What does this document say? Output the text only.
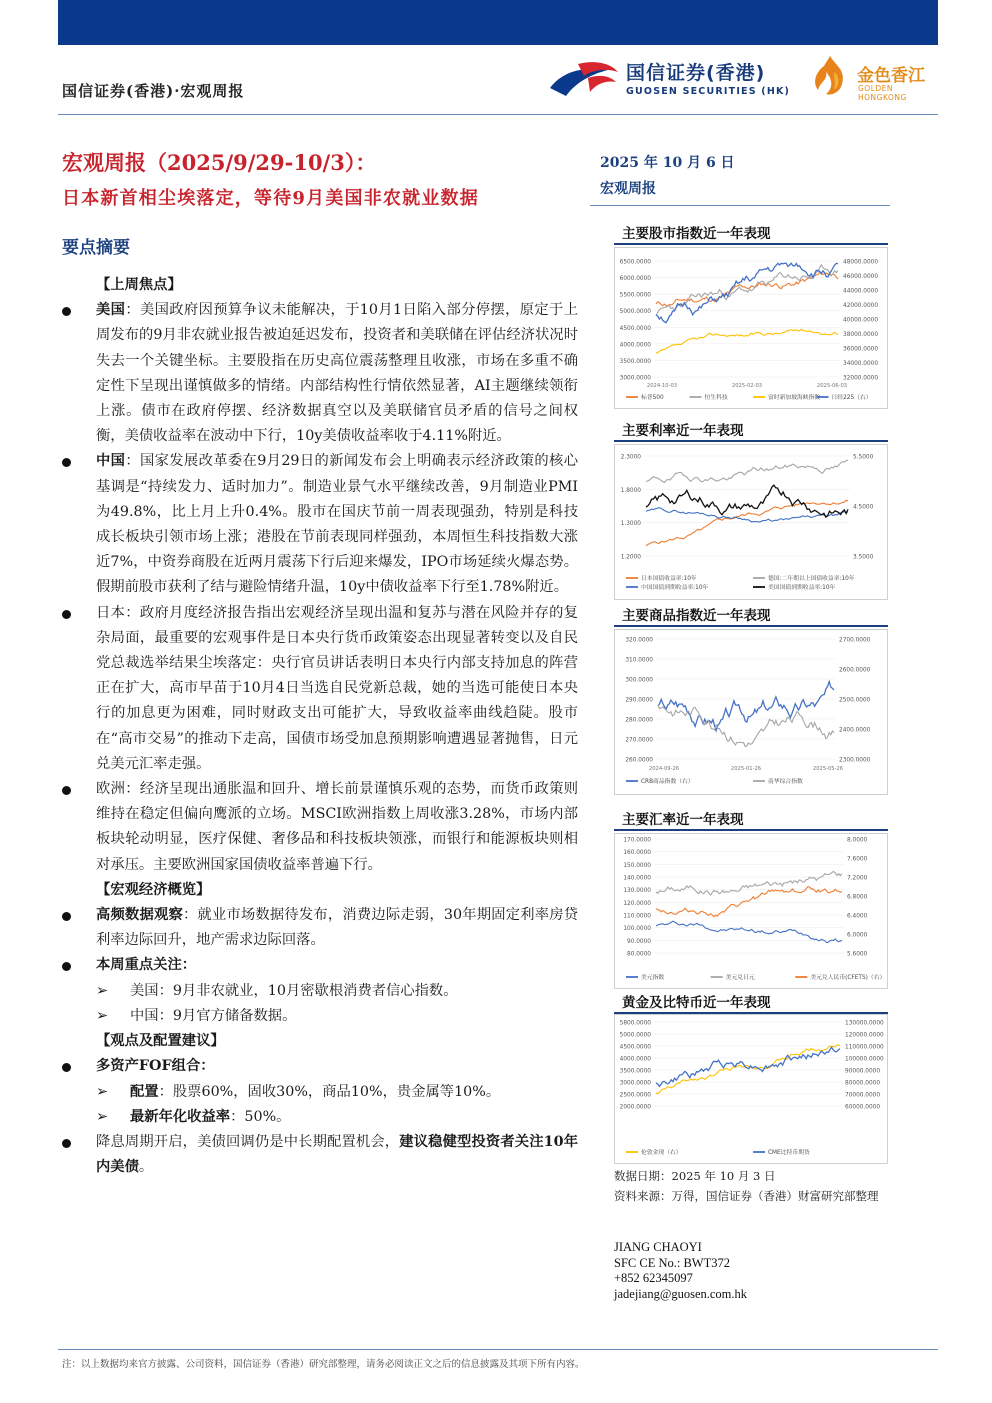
国信证券(香港)·宏观周报
国信证券(香港)
GUOSEN SECURITIES (HK)
金色香江
GOLDEN HONGKONG
宏观周报（2025/9/29-10/3）：
日本新首相尘埃落定，等待9月美国非农就业数据
2025 年 10 月 6 日
宏观周报
要点摘要

【上周焦点】

美国：美国政府因预算争议未能解决，于10月1日陷入部分停摆，原定于上周发布的9月非农就业报告被迫延迟发布，投资者和美联储在评估经济状况时失去一个关键坐标。主要股指在历史高位震荡整理且收涨，市场在多重不确定性下呈现出谨慎做多的情绪。内部结构性行情依然显著，AI主题继续领衔上涨。债市在政府停摆、经济数据真空以及美联储官员矛盾的信号之间权衡，美债收益率在波动中下行，10y美债收益率收于4.11%附近。

中国：国家发展改革委在9月29日的新闻发布会上明确表示经济政策的核心基调是“持续发力、适时加力”。制造业景气水平继续改善，9月制造业PMI为49.8%，比上月上升0.4%。股市在国庆节前一周表现强劲，特别是科技成长板块引领市场上涨；港股在节前表现同样强劲，本周恒生科技指数大涨近7%，中资券商股在近两月震荡下行后迎来爆发，IPO市场延续火爆态势。假期前股市获利了结与避险情绪升温，10y中债收益率下行至1.78%附近。

日本：政府月度经济报告指出宏观经济呈现出温和复苏与潜在风险并存的复杂局面，最重要的宏观事件是日本央行货币政策姿态出现显著转变以及自民党总裁选举结果尘埃落定：央行官员讲话表明日本央行内部支持加息的阵营正在扩大，高市早苗于10月4日当选自民党新总裁，她的当选可能使日本央行的加息更为困难，同时财政支出可能扩大，导致收益率曲线趋陡。股市在“高市交易”的推动下走高，国债市场受加息预期影响遭遇显著抛售，日元兑美元汇率走强。

欧洲：经济呈现出通胀温和回升、增长前景谨慎乐观的态势，而货币政策则维持在稳定但偏向鹰派的立场。MSCI欧洲指数上周收涨3.28%，市场内部板块轮动明显，医疗保健、奢侈品和科技板块领涨，而银行和能源板块则相对承压。主要欧洲国家国债收益率普遍下行。

【宏观经济概览】

高频数据观察：就业市场数据待发布，消费边际走弱，30年期固定利率房贷利率边际回升，地产需求边际回落。

本周重点关注：

➢ 美国：9月非农就业，10月密歇根消费者信心指数。

➢ 中国：9月官方储备数据。

【观点及配置建议】

多资产FOF组合：

➢ 配置：股票60%，固收30%，商品10%，贵金属等10%。

➢ 最新年化收益率：50%。

降息周期开启，美债回调仍是中长期配置机会，建议稳健型投资者关注10年内美债。

主要股市指数近一年表现
6500.0000
6000.0000
5500.0000
5000.0000
4500.0000
4000.0000
3500.0000
3000.0000
48000.0000
46000.0000
44000.0000
42000.0000
40000.0000
38000.0000
36000.0000
34000.0000
32000.0000
2024-10-03	2025-02-03	2025-06-03
标普500	恒生科技	富时新加坡海峡指数 日经225（右）
主要利率近一年表现
2.3000
1.8000
1.3000
1.2000
5.5000
4.5000
3.5000
日本国债收益率:10年	德国:二年期以上国债收益率:10年
中国国债到期收益率:10年	美国国债到期收益率:10年
主要商品指数近一年表现
320.0000
310.0000
300.0000
290.0000
280.0000
270.0000
260.0000
2700.0000
2600.0000
2500.0000
2400.0000
2300.0000
2024-09-26	2025-01-26	2025-05-26
CRB商品指数（右）	南华综合指数
主要汇率近一年表现
170.0000
160.0000
150.0000
140.0000
130.0000
120.0000
110.0000
100.0000
90.0000
80.0000
8.0000
7.6000
7.2000
6.8000
6.4000
6.0000
5.6000
美元指数	美元兑日元	美元兑人民币(CFETS)（右）
黄金及比特币近一年表现
5800.0000
5000.0000
4500.0000
4000.0000
3500.0000
3000.0000
2500.0000
2000.0000
130000.0000
120000.0000
110000.0000
100000.0000
90000.0000
80000.0000
70000.0000
60000.0000
伦敦金现（右）	CME比特币期货
数据日期：2025 年 10 月 3 日
资料来源：万得，国信证券（香港）财富研究部整理
JIANG CHAOYI
SFC CE No.: BWT372
+852 62345097
jadejiang@guosen.com.hk
注：以上数据均来官方披露、公司资料，国信证券（香港）研究部整理，请务必阅读正文之后的信息披露及其项下所有内容。
